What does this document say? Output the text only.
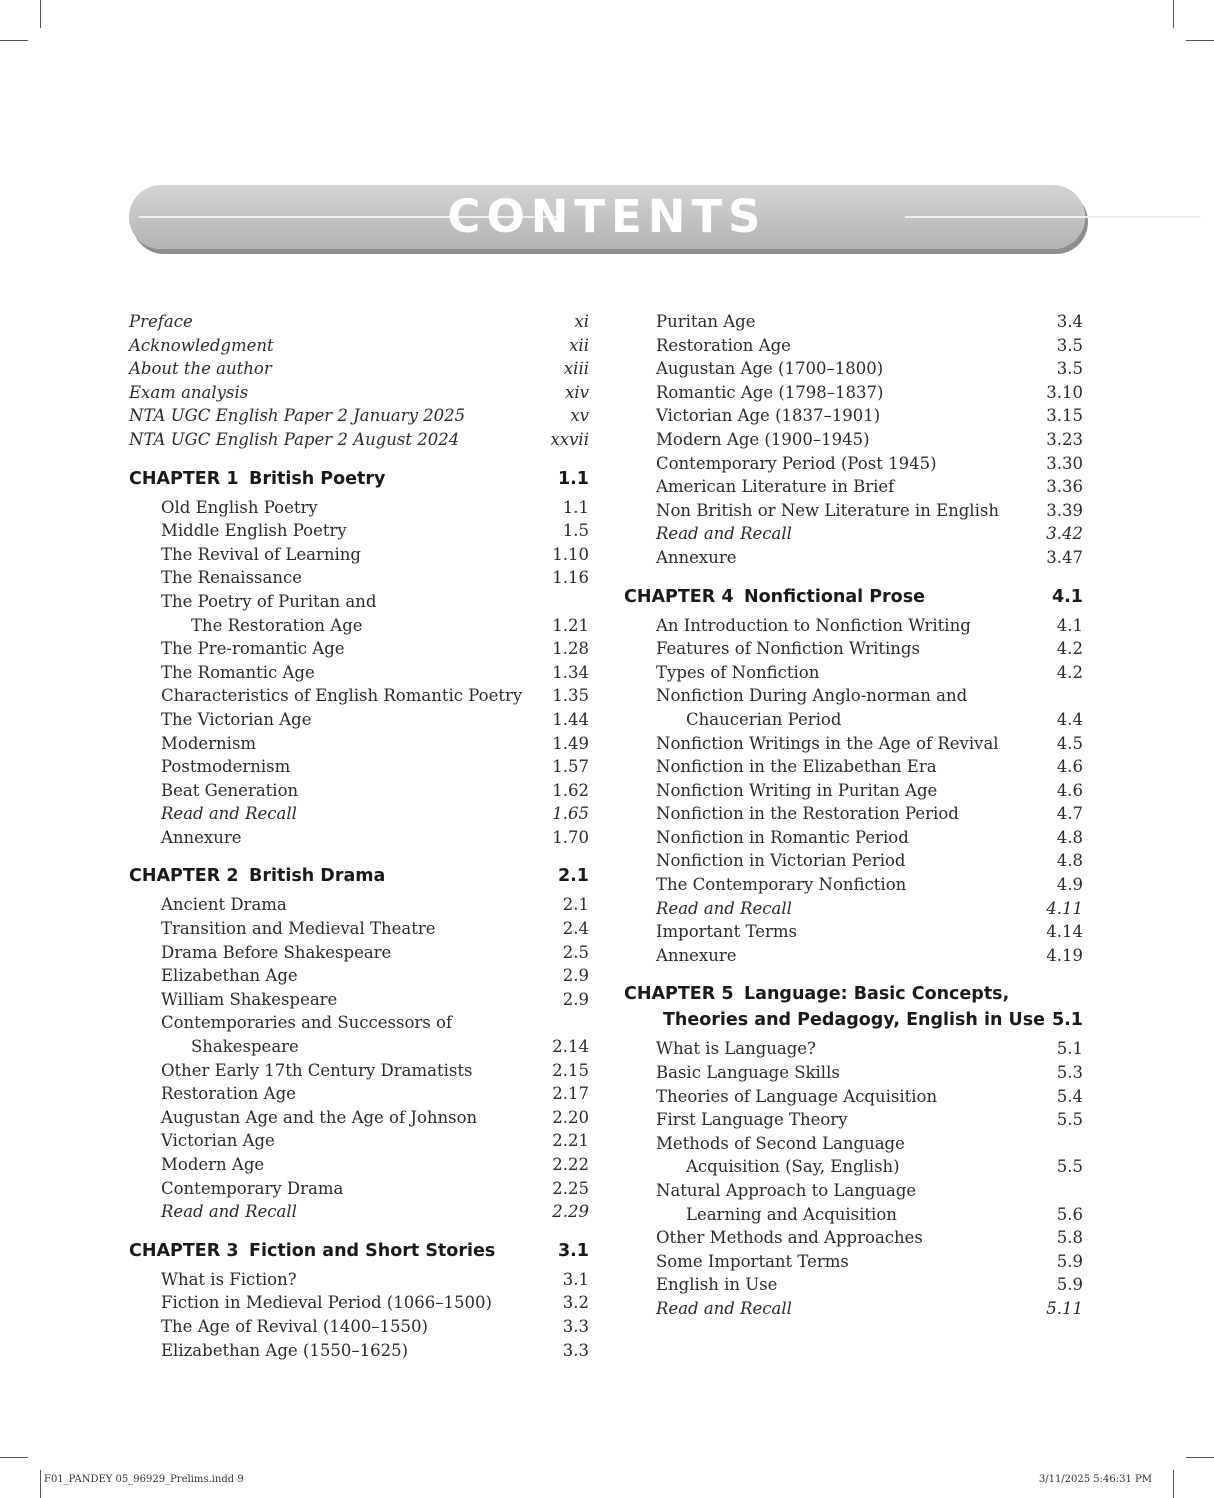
CONTENTS
Preface	xi
Acknowledgment	xii
About the author	xiii
Exam analysis	xiv
NTA UGC English Paper 2 January 2025	xv
NTA UGC English Paper 2 August 2024	xxvii
CHAPTER 1 British Poetry	1.1
Old English Poetry	1.1
Middle English Poetry	1.5
The Revival of Learning	1.10
The Renaissance	1.16
The Poetry of Puritan and
The Restoration Age	1.21
The Pre-romantic Age	1.28
The Romantic Age	1.34
Characteristics of English Romantic Poetry 1.35
The Victorian Age	1.44
Modernism	1.49
Postmodernism	1.57
Beat Generation	1.62
Read and Recall	1.65
Annexure	1.70
CHAPTER 2 British Drama	2.1
Ancient Drama	2.1
Transition and Medieval Theatre	2.4
Drama Before Shakespeare	2.5
Elizabethan Age	2.9
William Shakespeare	2.9
Contemporaries and Successors of
Shakespeare	2.14
Other Early 17th Century Dramatists	2.15
Restoration Age	2.17
Augustan Age and the Age of Johnson	2.20
Victorian Age	2.21
Modern Age	2.22
Contemporary Drama	2.25
Read and Recall	2.29
CHAPTER 3 Fiction and Short Stories	3.1
What is Fiction?	3.1
Fiction in Medieval Period (1066–1500)	3.2
The Age of Revival (1400–1550)	3.3
Elizabethan Age (1550–1625)	3.3
Puritan Age	3.4
Restoration Age	3.5
Augustan Age (1700–1800)	3.5
Romantic Age (1798–1837)	3.10
Victorian Age (1837–1901)	3.15
Modern Age (1900–1945)	3.23
Contemporary Period (Post 1945)	3.30
American Literature in Brief	3.36
Non British or New Literature in English	3.39
Read and Recall	3.42
Annexure	3.47
CHAPTER 4 Nonfictional Prose	4.1
An Introduction to Nonfiction Writing	4.1
Features of Nonfiction Writings	4.2
Types of Nonfiction	4.2
Nonfiction During Anglo-norman and
Chaucerian Period	4.4
Nonfiction Writings in the Age of Revival	4.5
Nonfiction in the Elizabethan Era	4.6
Nonfiction Writing in Puritan Age	4.6
Nonfiction in the Restoration Period	4.7
Nonfiction in Romantic Period	4.8
Nonfiction in Victorian Period	4.8
The Contemporary Nonfiction	4.9
Read and Recall	4.11
Important Terms	4.14
Annexure	4.19
CHAPTER 5 Language: Basic Concepts,
Theories and Pedagogy, English in Use 5.1
What is Language?	5.1
Basic Language Skills	5.3
Theories of Language Acquisition	5.4
First Language Theory	5.5
Methods of Second Language
Acquisition (Say, English)	5.5
Natural Approach to Language
Learning and Acquisition	5.6
Other Methods and Approaches	5.8
Some Important Terms	5.9
English in Use	5.9
Read and Recall	5.11
F01_PANDEY 05_96929_Prelims.indd 9	3/11/2025 5:46:31 PM
